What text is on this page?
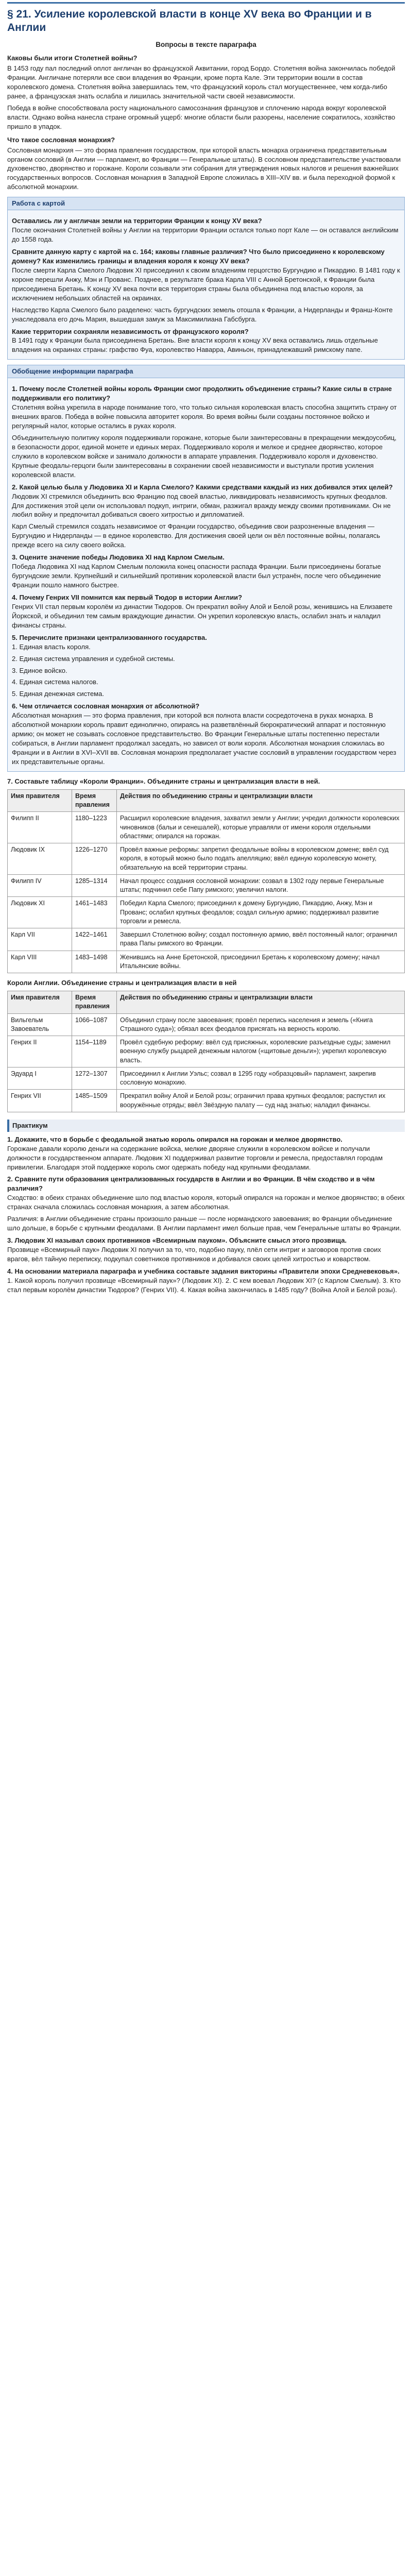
§ 21. Усиление королевской власти в конце XV века во Франции и в Англии
Вопросы в тексте параграфа
Каковы были итоги Столетней войны?

В 1453 году пал последний оплот англичан во французской Аквитании, город Бордо. Столетняя война закончилась победой Франции. Англичане потеряли все свои владения во Франции, кроме порта Кале. Эти территории вошли в состав королевского домена. Столетняя война завершилась тем, что французский король стал могущественнее, чем когда-либо ранее, а французская знать ослабла и лишилась значительной части своей независимости.

Победа в войне способствовала росту национального самосознания французов и сплочению народа вокруг королевской власти. Однако война нанесла стране огромный ущерб: многие области были разорены, население сократилось, хозяйство пришло в упадок.

Что такое сословная монархия?

Сословная монархия — это форма правления государством, при которой власть монарха ограничена представительным органом сословий (в Англии — парламент, во Франции — Генеральные штаты). В сословном представительстве участвовали духовенство, дворянство и горожане. Короли созывали эти собрания для утверждения новых налогов и решения важнейших государственных вопросов. Сословная монархия в Западной Европе сложилась в XIII–XIV вв. и была переходной формой к абсолютной монархии.

Работа с картой
Оставались ли у англичан земли на территории Франции к концу XV века?

После окончания Столетней войны у Англии на территории Франции остался только порт Кале — он оставался английским до 1558 года.

Сравните данную карту с картой на с. 164; каковы главные различия? Что было присоединено к королевскому домену? Как изменились границы и владения короля к концу XV века?

После смерти Карла Смелого Людовик XI присоединил к своим владениям герцогство Бургундию и Пикардию. В 1481 году к короне перешли Анжу, Мэн и Прованс. Позднее, в результате брака Карла VIII с Анной Бретонской, к Франции была присоединена Бретань. К концу XV века почти вся территория страны была объединена под властью короля, за исключением небольших областей на окраинах.

Наследство Карла Смелого было разделено: часть бургундских земель отошла к Франции, а Нидерланды и Франш-Конте унаследовала его дочь Мария, вышедшая замуж за Максимилиана Габсбурга.

Какие территории сохраняли независимость от французского короля?

В 1491 году к Франции была присоединена Бретань. Вне власти короля к концу XV века оставались лишь отдельные владения на окраинах страны: графство Фуа, королевство Наварра, Авиньон, принадлежавший римскому папе.

Обобщение информации параграфа
1. Почему после Столетней войны король Франции смог продолжить объединение страны? Какие силы в стране поддерживали его политику?

Столетняя война укрепила в народе понимание того, что только сильная королевская власть способна защитить страну от внешних врагов. Победа в войне повысила авторитет короля. Во время войны были созданы постоянное войско и регулярный налог, которые остались в руках короля.

Объединительную политику короля поддерживали горожане, которые были заинтересованы в прекращении междоусобиц, в безопасности дорог, единой монете и единых мерах. Поддерживало короля и мелкое и среднее дворянство, которое служило в королевском войске и занимало должности в аппарате управления. Поддерживало короля и духовенство. Крупные феодалы-герцоги были заинтересованы в сохранении своей независимости и выступали против усиления королевской власти.

2. Какой целью была у Людовика XI и Карла Смелого? Какими средствами каждый из них добивался этих целей?

Людовик XI стремился объединить всю Францию под своей властью, ликвидировать независимость крупных феодалов. Для достижения этой цели он использовал подкуп, интриги, обман, разжигал вражду между своими противниками. Он не любил войну и предпочитал добиваться своего хитростью и дипломатией.

Карл Смелый стремился создать независимое от Франции государство, объединив свои разрозненные владения — Бургундию и Нидерланды — в единое королевство. Для достижения своей цели он вёл постоянные войны, полагаясь прежде всего на силу своего войска.

3. Оцените значение победы Людовика XI над Карлом Смелым.

Победа Людовика XI над Карлом Смелым положила конец опасности распада Франции. Были присоединены богатые бургундские земли. Крупнейший и сильнейший противник королевской власти был устранён, после чего объединение Франции пошло намного быстрее.

4. Почему Генрих VII помнится как первый Тюдор в истории Англии?

Генрих VII стал первым королём из династии Тюдоров. Он прекратил войну Алой и Белой розы, женившись на Елизавете Йоркской, и объединил тем самым враждующие династии. Он укрепил королевскую власть, ослабил знать и наладил финансы страны.

5. Перечислите признаки централизованного государства.

1. Единая власть короля.

2. Единая система управления и судебной системы.

3. Единое войско.

4. Единая система налогов.

5. Единая денежная система.

6. Чем отличается сословная монархия от абсолютной?

Абсолютная монархия — это форма правления, при которой вся полнота власти сосредоточена в руках монарха. В абсолютной монархии король правит единолично, опираясь на разветвлённый бюрократический аппарат и постоянную армию; он может не созывать сословное представительство. Во Франции Генеральные штаты постепенно перестали собираться, в Англии парламент продолжал заседать, но зависел от воли короля. Абсолютная монархия сложилась во Франции и в Англии в XVI–XVII вв. Сословная монархия предполагает участие сословий в управлении государством через их представительные органы.

7. Составьте таблицу «Короли Франции». Объедините страны и централизация власти в ней.
Имя правителя	Время правления	Действия по объединению страны и централизации власти
Филипп II	1180–1223	Расширил королевские владения, захватил земли у Англии; учредил должности королевских чиновников (бальи и сенешалей), которые управляли от имени короля отдельными областями; опирался на горожан.
Людовик IX	1226–1270	Провёл важные реформы: запретил феодальные войны в королевском домене; ввёл суд короля, в который можно было подать апелляцию; ввёл единую королевскую монету, обязательную на всей территории страны.
Филипп IV	1285–1314	Начал процесс создания сословной монархии: созвал в 1302 году первые Генеральные штаты; подчинил себе Папу римского; увеличил налоги.
Людовик XI	1461–1483	Победил Карла Смелого; присоединил к домену Бургундию, Пикардию, Анжу, Мэн и Прованс; ослабил крупных феодалов; создал сильную армию; поддерживал развитие торговли и ремесла.
Карл VII	1422–1461	Завершил Столетнюю войну; создал постоянную армию, ввёл постоянный налог; ограничил права Папы римского во Франции.
Карл VIII	1483–1498	Женившись на Анне Бретонской, присоединил Бретань к королевскому домену; начал Итальянские войны.
Короли Англии. Объединение страны и централизация власти в ней
Имя правителя	Время правления	Действия по объединению страны и централизации власти
Вильгельм Завоеватель	1066–1087	Объединил страну после завоевания; провёл перепись населения и земель («Книга Страшного суда»); обязал всех феодалов присягать на верность королю.
Генрих II	1154–1189	Провёл судебную реформу: ввёл суд присяжных, королевские разъездные суды; заменил военную службу рыцарей денежным налогом («щитовые деньги»); укрепил королевскую власть.
Эдуард I	1272–1307	Присоединил к Англии Уэльс; созвал в 1295 году «образцовый» парламент, закрепив сословную монархию.
Генрих VII	1485–1509	Прекратил войну Алой и Белой розы; ограничил права крупных феодалов; распустил их вооружённые отряды; ввёл Звёздную палату — суд над знатью; наладил финансы.
Практикум
1. Докажите, что в борьбе с феодальной знатью король опирался на горожан и мелкое дворянство.

Горожане давали королю деньги на содержание войска, мелкие дворяне служили в королевском войске и получали должности в государственном аппарате. Людовик XI поддерживал развитие торговли и ремесла, предоставлял городам привилегии. Благодаря этой поддержке король смог одержать победу над крупными феодалами.

2. Сравните пути образования централизованных государств в Англии и во Франции. В чём сходство и в чём различия?

Сходство: в обеих странах объединение шло под властью короля, который опирался на горожан и мелкое дворянство; в обеих странах сначала сложилась сословная монархия, а затем абсолютная.

Различия: в Англии объединение страны произошло раньше — после нормандского завоевания; во Франции объединение шло дольше, в борьбе с крупными феодалами. В Англии парламент имел больше прав, чем Генеральные штаты во Франции.

3. Людовик XI называл своих противников «Всемирным пауком». Объясните смысл этого прозвища.

Прозвище «Всемирный паук» Людовик XI получил за то, что, подобно пауку, плёл сети интриг и заговоров против своих врагов, вёл тайную переписку, подкупал советников противников и добивался своих целей хитростью и коварством.

4. На основании материала параграфа и учебника составьте задания викторины «Правители эпохи Средневековья».

1. Какой король получил прозвище «Всемирный паук»? (Людовик XI). 2. С кем воевал Людовик XI? (с Карлом Смелым). 3. Кто стал первым королём династии Тюдоров? (Генрих VII). 4. Какая война закончилась в 1485 году? (Война Алой и Белой розы).
